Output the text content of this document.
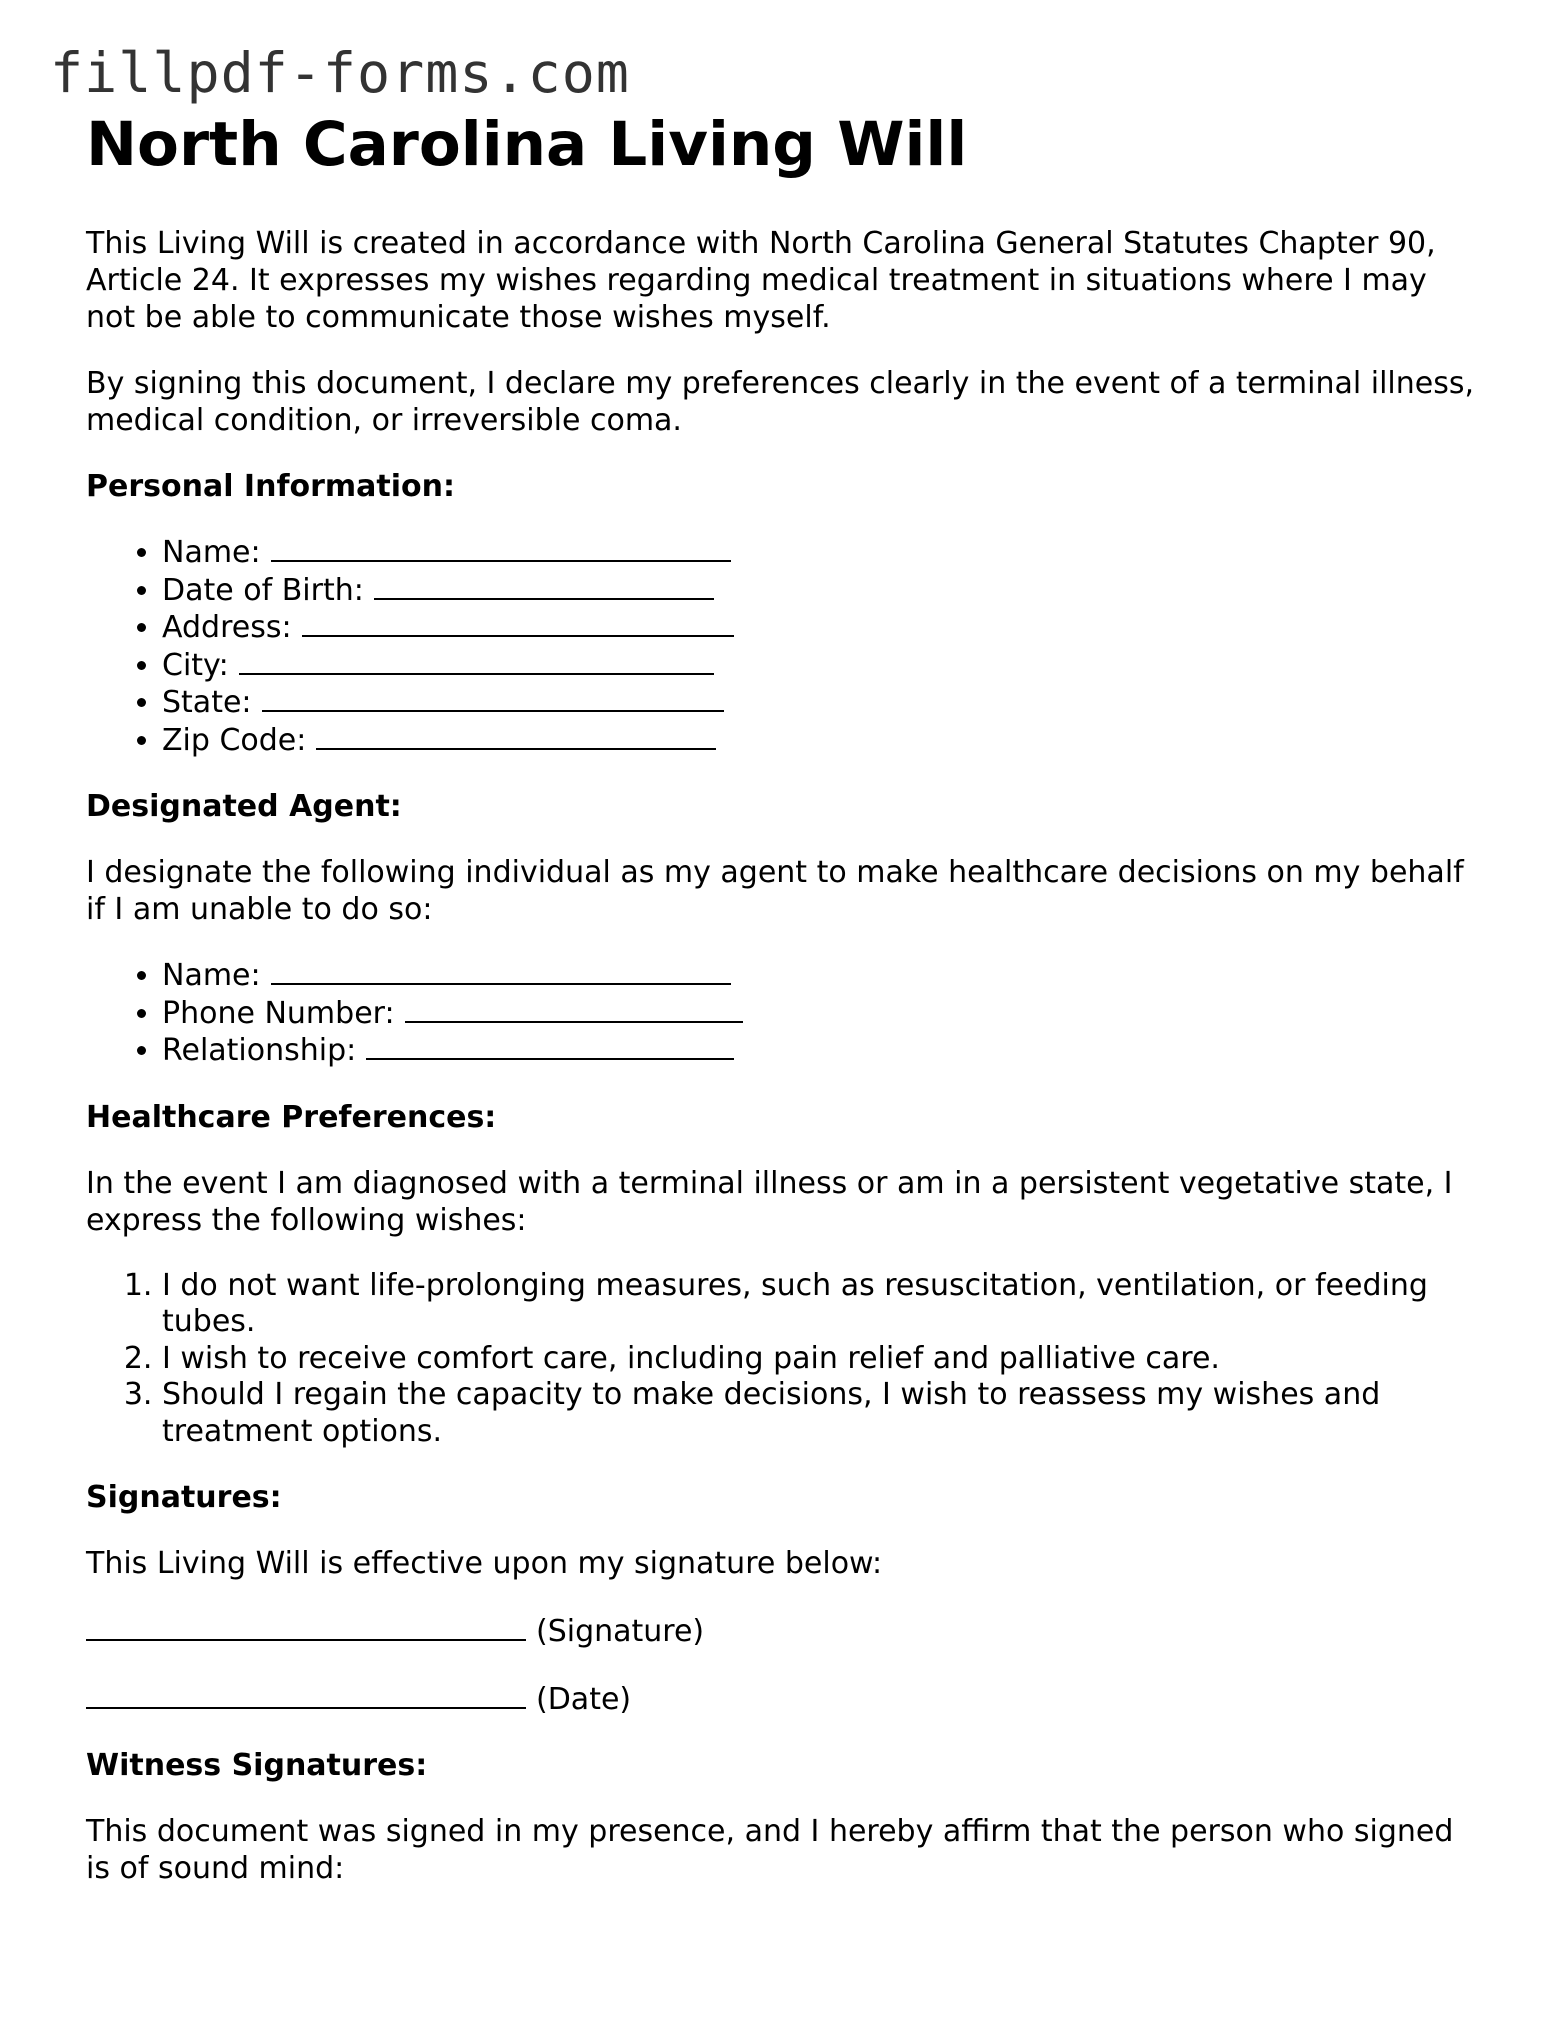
fillpdf-forms.com
North Carolina Living Will

This Living Will is created in accordance with North Carolina General Statutes Chapter 90, Article 24. It expresses my wishes regarding medical treatment in situations where I may not be able to communicate those wishes myself.

By signing this document, I declare my preferences clearly in the event of a terminal illness, medical condition, or irreversible coma.

Personal Information:
• Name:
• Date of Birth:
• Address:
• City:
• State:
• Zip Code:
Designated Agent:

I designate the following individual as my agent to make healthcare decisions on my behalf if I am unable to do so:

• Name:
• Phone Number:
• Relationship:
Healthcare Preferences:

In the event I am diagnosed with a terminal illness or am in a persistent vegetative state, I express the following wishes:

1. I do not want life-prolonging measures, such as resuscitation, ventilation, or feeding tubes.
2. I wish to receive comfort care, including pain relief and palliative care.
3. Should I regain the capacity to make decisions, I wish to reassess my wishes and treatment options.
Signatures:

This Living Will is effective upon my signature below:

(Signature)

(Date)

Witness Signatures:

This document was signed in my presence, and I hereby affirm that the person who signed is of sound mind:
